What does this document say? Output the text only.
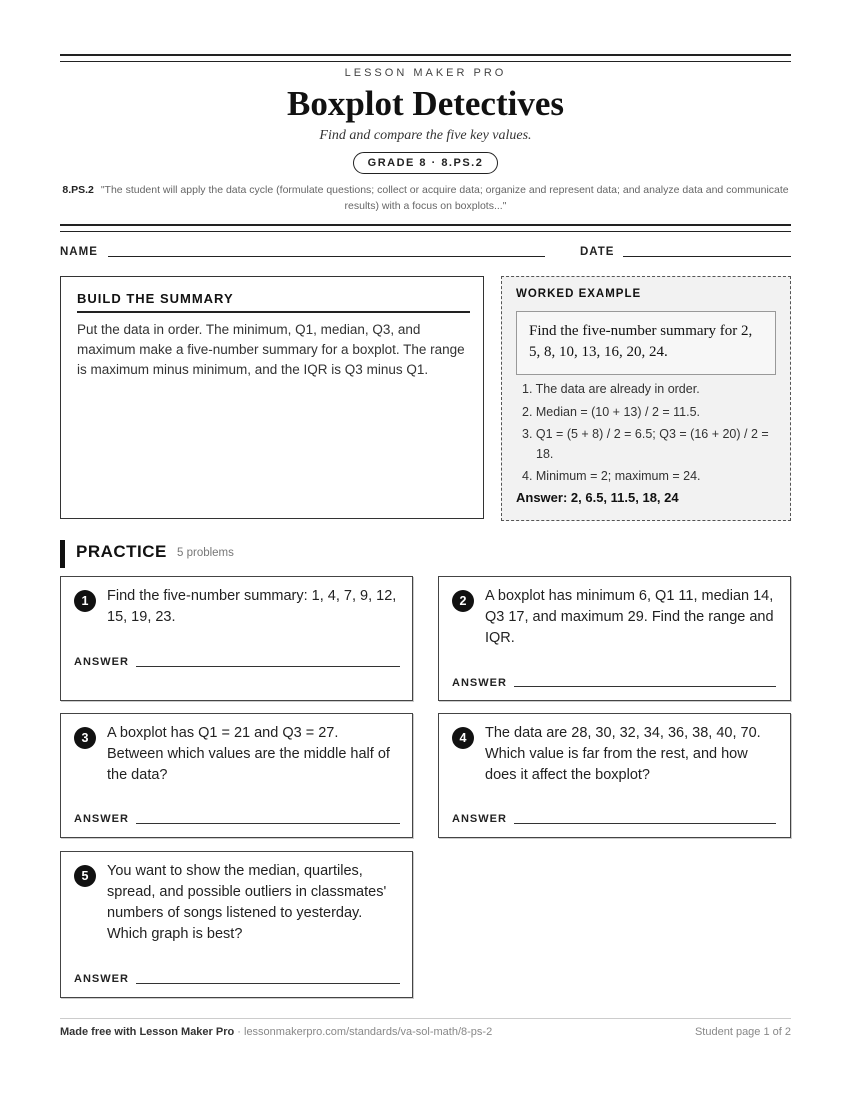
LESSON MAKER PRO
Boxplot Detectives
Find and compare the five key values.
GRADE 8 · 8.PS.2
8.PS.2 "The student will apply the data cycle (formulate questions; collect or acquire data; organize and represent data; and analyze data and communicate results) with a focus on boxplots..."
NAME	DATE
BUILD THE SUMMARY
Put the data in order. The minimum, Q1, median, Q3, and maximum make a five-number summary for a boxplot. The range is maximum minus minimum, and the IQR is Q3 minus Q1.
WORKED EXAMPLE
Find the five-number summary for 2, 5, 8, 10, 13, 16, 20, 24.
1. The data are already in order.
2. Median = (10 + 13) / 2 = 11.5.
3. Q1 = (5 + 8) / 2 = 6.5; Q3 = (16 + 20) / 2 = 18.
4. Minimum = 2; maximum = 24.
Answer: 2, 6.5, 11.5, 18, 24
PRACTICE 5 problems
1	Find the five-number summary: 1, 4, 7, 9, 12, 15, 19, 23.
ANSWER
2	A boxplot has minimum 6, Q1 11, median 14, Q3 17, and maximum 29. Find the range and IQR.
ANSWER
3	A boxplot has Q1 = 21 and Q3 = 27. Between which values are the middle half of the data?
ANSWER
4	The data are 28, 30, 32, 34, 36, 38, 40, 70. Which value is far from the rest, and how does it affect the boxplot?
ANSWER
5	You want to show the median, quartiles, spread, and possible outliers in classmates' numbers of songs listened to yesterday. Which graph is best?
ANSWER
Made free with Lesson Maker Pro · lessonmakerpro.com/standards/va-sol-math/8-ps-2	Student page 1 of 2
